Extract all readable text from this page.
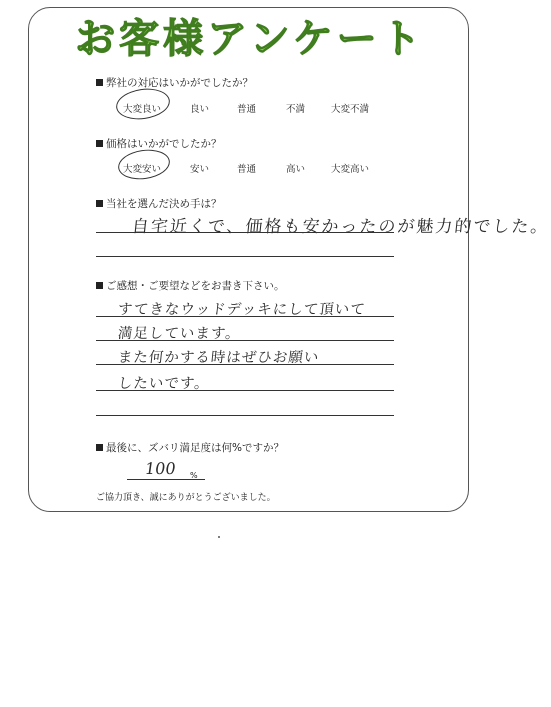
お客様アンケート
弊社の対応はいかがでしたか？
大変良い	良い	普通	不満	大変不満
価格はいかがでしたか？
大変安い	安い	普通	高い	大変高い
当社を選んだ決め手は？
自宅近くで、価格も安かったのが魅力的でした。
ご感想・ご要望などをお書き下さい。
すてきなウッドデッキにして頂いて
満足しています。
また何かする時はぜひお願い
したいです。
最後に、ズバリ満足度は何%ですか？
100 %
ご協力頂き、誠にありがとうございました。
